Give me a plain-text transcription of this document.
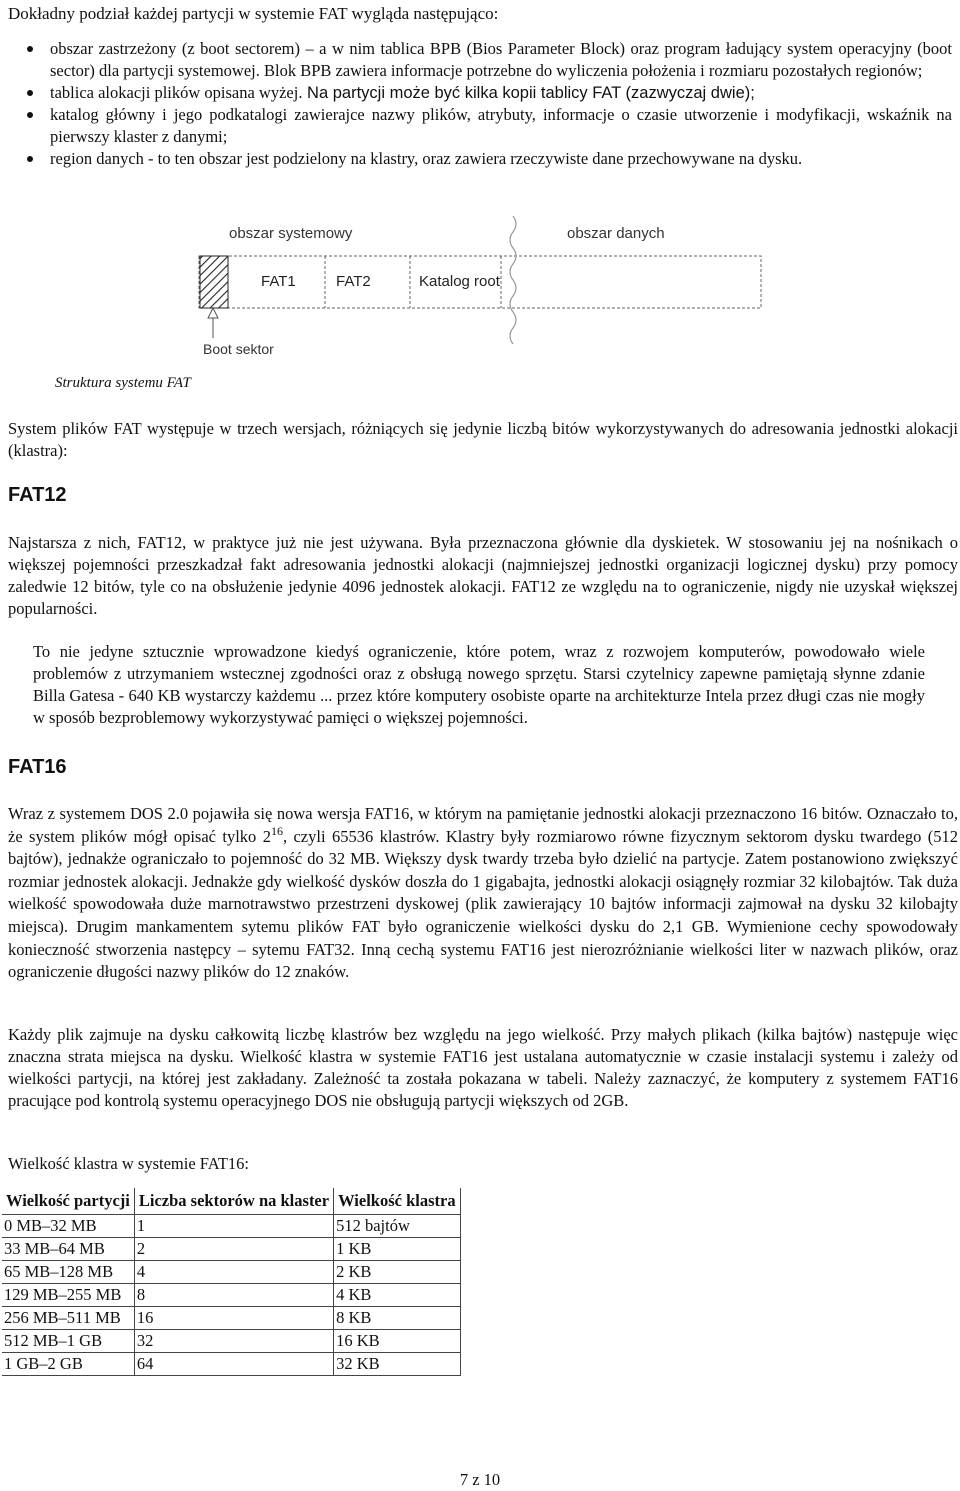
Dokładny podział każdej partycji w systemie FAT wygląda następująco:
obszar zastrzeżony (z boot sectorem) – a w nim tablica BPB (Bios Parameter Block) oraz program ładujący system operacyjny (boot sector) dla partycji systemowej. Blok BPB zawiera informacje potrzebne do wyliczenia położenia i rozmiaru pozostałych regionów;
tablica alokacji plików opisana wyżej. Na partycji może być kilka kopii tablicy FAT (zazwyczaj dwie);
katalog główny i jego podkatalogi zawierajce nazwy plików, atrybuty, informacje o czasie utworzenie i modyfikacji, wskaźnik na pierwszy klaster z danymi;
region danych - to ten obszar jest podzielony na klastry, oraz zawiera rzeczywiste dane przechowywane na dysku.
obszar systemowy	obszar danych
FAT1	FAT2	Katalog root
Boot sektor
Struktura systemu FAT

System plików FAT występuje w trzech wersjach, różniących się jedynie liczbą bitów wykorzystywanych do adresowania jednostki alokacji (klastra):

FAT12

Najstarsza z nich, FAT12, w praktyce już nie jest używana. Była przeznaczona głównie dla dyskietek. W stosowaniu jej na nośnikach o większej pojemności przeszkadzał fakt adresowania jednostki alokacji (najmniejszej jednostki organizacji logicznej dysku) przy pomocy zaledwie 12 bitów, tyle co na obsłużenie jedynie 4096 jednostek alokacji. FAT12 ze względu na to ograniczenie, nigdy nie uzyskał większej popularności.

To nie jedyne sztucznie wprowadzone kiedyś ograniczenie, które potem, wraz z rozwojem komputerów, powodowało wiele problemów z utrzymaniem wstecznej zgodności oraz z obsługą nowego sprzętu. Starsi czytelnicy zapewne pamiętają słynne zdanie Billa Gatesa - 640 KB wystarczy każdemu ... przez które komputery osobiste oparte na architekturze Intela przez długi czas nie mogły w sposób bezproblemowy wykorzystywać pamięci o większej pojemności.

FAT16

Wraz z systemem DOS 2.0 pojawiła się nowa wersja FAT16, w którym na pamiętanie jednostki alokacji przeznaczono 16 bitów. Oznaczało to, że system plików mógł opisać tylko $2^{16}$, czyli 65536 klastrów. Klastry były rozmiarowo równe fizycznym sektorom dysku twardego (512 bajtów), jednakże ograniczało to pojemność do 32 MB. Większy dysk twardy trzeba było dzielić na partycje. Zatem postanowiono zwiększyć rozmiar jednostek alokacji. Jednakże gdy wielkość dysków doszła do 1 gigabajta, jednostki alokacji osiągnęły rozmiar 32 kilobajtów. Tak duża wielkość spowodowała duże marnotrawstwo przestrzeni dyskowej (plik zawierający 10 bajtów informacji zajmował na dysku 32 kilobajty miejsca). Drugim mankamentem sytemu plików FAT było ograniczenie wielkości dysku do 2,1 GB. Wymienione cechy spowodowały konieczność stworzenia następcy – sytemu FAT32. Inną cechą systemu FAT16 jest nierozróżnianie wielkości liter w nazwach plików, oraz ograniczenie długości nazwy plików do 12 znaków.

Każdy plik zajmuje na dysku całkowitą liczbę klastrów bez względu na jego wielkość. Przy małych plikach (kilka bajtów) następuje więc znaczna strata miejsca na dysku. Wielkość klastra w systemie FAT16 jest ustalana automatycznie w czasie instalacji systemu i zależy od wielkości partycji, na której jest zakładany. Zależność ta została pokazana w tabeli. Należy zaznaczyć, że komputery z systemem FAT16 pracujące pod kontrolą systemu operacyjnego DOS nie obsługują partycji większych od 2GB.

Wielkość klastra w systemie FAT16:
Wielkość partycji	Liczba sektorów na klaster	Wielkość klastra
0 MB–32 MB	1	512 bajtów
33 MB–64 MB	2	1 KB
65 MB–128 MB	4	2 KB
129 MB–255 MB	8	4 KB
256 MB–511 MB	16	8 KB
512 MB–1 GB	32	16 KB
1 GB–2 GB	64	32 KB
7 z 10
